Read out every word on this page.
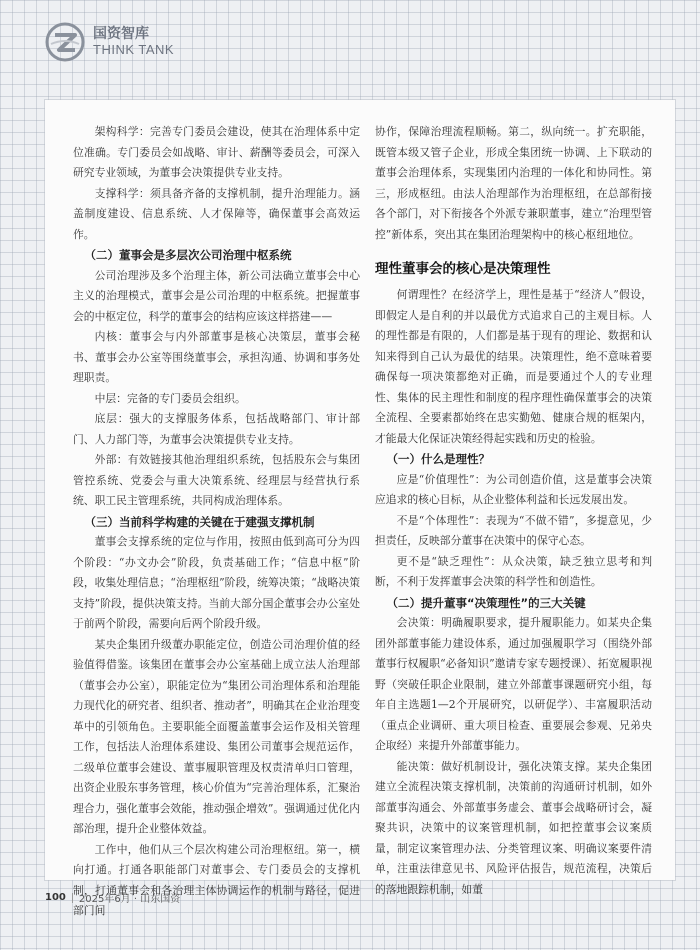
国资智库
THINK TANK

架构科学：完善专门委员会建设，使其在治理体系中定位准确。专门委员会如战略、审计、薪酬等委员会，可深入研究专业领域，为董事会决策提供专业支持。

支撑科学：须具备齐备的支撑机制，提升治理能力。涵盖制度建设、信息系统、人才保障等，确保董事会高效运作。

（二）董事会是多层次公司治理中枢系统

公司治理涉及多个治理主体，新公司法确立董事会中心主义的治理模式，董事会是公司治理的中枢系统。把握董事会的中枢定位，科学的董事会的结构应该这样搭建——

内核：董事会与内外部董事是核心决策层，董事会秘书、董事会办公室等围绕董事会，承担沟通、协调和事务处理职责。

中层：完备的专门委员会组织。

底层：强大的支撑服务体系，包括战略部门、审计部门、人力部门等，为董事会决策提供专业支持。

外部：有效链接其他治理组织系统，包括股东会与集团管控系统、党委会与重大决策系统、经理层与经营执行系统、职工民主管理系统，共同构成治理体系。

（三）当前科学构建的关键在于建强支撑机制

董事会支撑系统的定位与作用，按照由低到高可分为四个阶段：“办文办会”阶段，负责基础工作；“信息中枢”阶段，收集处理信息；“治理枢纽”阶段，统筹决策；“战略决策支持”阶段，提供决策支持。当前大部分国企董事会办公室处于前两个阶段，需要向后两个阶段升级。

某央企集团升级董办职能定位，创造公司治理价值的经验值得借鉴。该集团在董事会办公室基础上成立法人治理部（董事会办公室），职能定位为“集团公司治理体系和治理能力现代化的研究者、组织者、推动者”，明确其在企业治理变革中的引领角色。主要职能全面覆盖董事会运作及相关管理工作，包括法人治理体系建设、集团公司董事会规范运作，二级单位董事会建设、董事履职管理及权责清单归口管理，出资企业股东事务管理，核心价值为“完善治理体系，汇聚治理合力，强化董事会效能，推动强企增效”。强调通过优化内部治理，提升企业整体效益。

工作中，他们从三个层次构建公司治理枢纽。第一，横向打通。打通各职能部门对董事会、专门委员会的支撑机制，打通董事会和各治理主体协调运作的机制与路径，促进部门间

协作，保障治理流程顺畅。第二，纵向统一。扩充职能，既管本级又管子企业，形成全集团统一协调、上下联动的董事会治理体系，实现集团内治理的一体化和协同性。第三，形成枢纽。由法人治理部作为治理枢纽，在总部衔接各个部门，对下衔接各个外派专兼职董事，建立“治理型管控”新体系，突出其在集团治理架构中的核心枢纽地位。

理性董事会的核心是决策理性

何谓理性？在经济学上，理性是基于“经济人”假设，即假定人是自利的并以最优方式追求自己的主观目标。人的理性都是有限的，人们都是基于现有的理论、数据和认知来得到自己认为最优的结果。决策理性，绝不意味着要确保每一项决策都绝对正确，而是要通过个人的专业理性、集体的民主理性和制度的程序理性确保董事会的决策全流程、全要素都始终在忠实勤勉、健康合规的框架内，才能最大化保证决策经得起实践和历史的检验。

（一）什么是理性？

应是“价值理性”：为公司创造价值，这是董事会决策应追求的核心目标，从企业整体利益和长远发展出发。

不是“个体理性”：表现为“不做不错”，多提意见，少担责任，反映部分董事在决策中的保守心态。

更不是“缺乏理性”：从众决策，缺乏独立思考和判断，不利于发挥董事会决策的科学性和创造性。

（二）提升董事“决策理性”的三大关键

会决策：明确履职要求，提升履职能力。如某央企集团外部董事能力建设体系，通过加强履职学习（围绕外部董事行权履职“必备知识”邀请专家专题授课）、拓宽履职视野（突破任职企业限制，建立外部董事课题研究小组，每年自主选题1—2个开展研究，以研促学）、丰富履职活动（重点企业调研、重大项目检查、重要展会参观、兄弟央企取经）来提升外部董事能力。

能决策：做好机制设计，强化决策支撑。某央企集团建立全流程决策支撑机制，决策前的沟通研讨机制，如外部董事沟通会、外部董事务虚会、董事会战略研讨会，凝聚共识，决策中的议案管理机制，如把控董事会议案质量，制定议案管理办法、分类管理议案、明确议案要件清单，注重法律意见书、风险评估报告，规范流程，决策后的落地跟踪机制，如董

100 2025年6月 · 山东国资
